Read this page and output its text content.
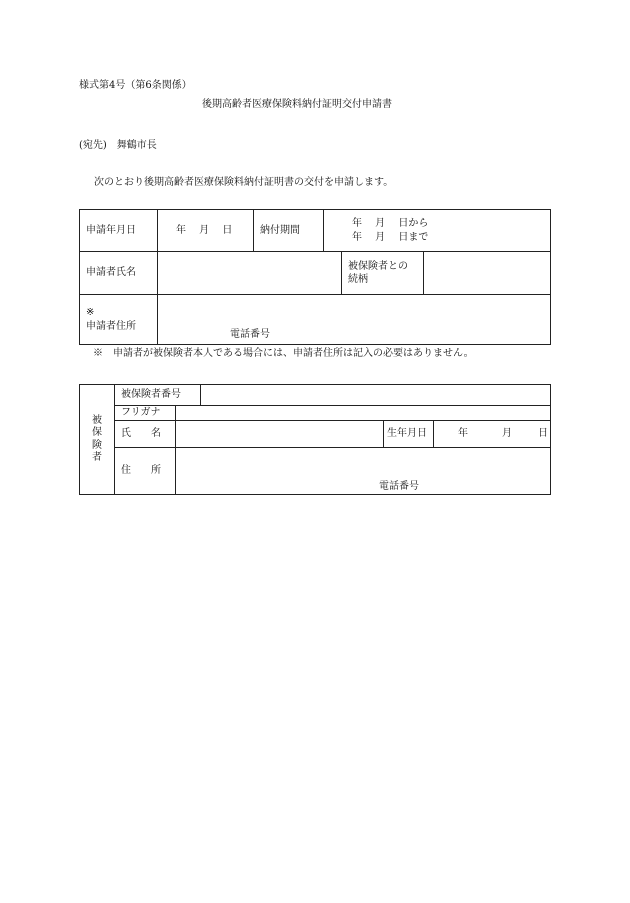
様式第4号（第6条関係）
後期高齢者医療保険料納付証明交付申請書
(宛先)　舞鶴市長
次のとおり後期高齢者医療保険料納付証明書の交付を申請します。
申請年月日	年　 月　 日	納付期間	年　 月　 日から
年　 月　 日まで		

申請者氏名				被保険者との
続柄	

※
申請者住所	電話番号				
※　申請者が被保険者本人である場合には、申請者住所は記入の必要はありません。
被
保
険
者	被保険者番号				
	フリガナ				
	氏　　名			生年月日	年 月 日
	住　　所	電話番号			
